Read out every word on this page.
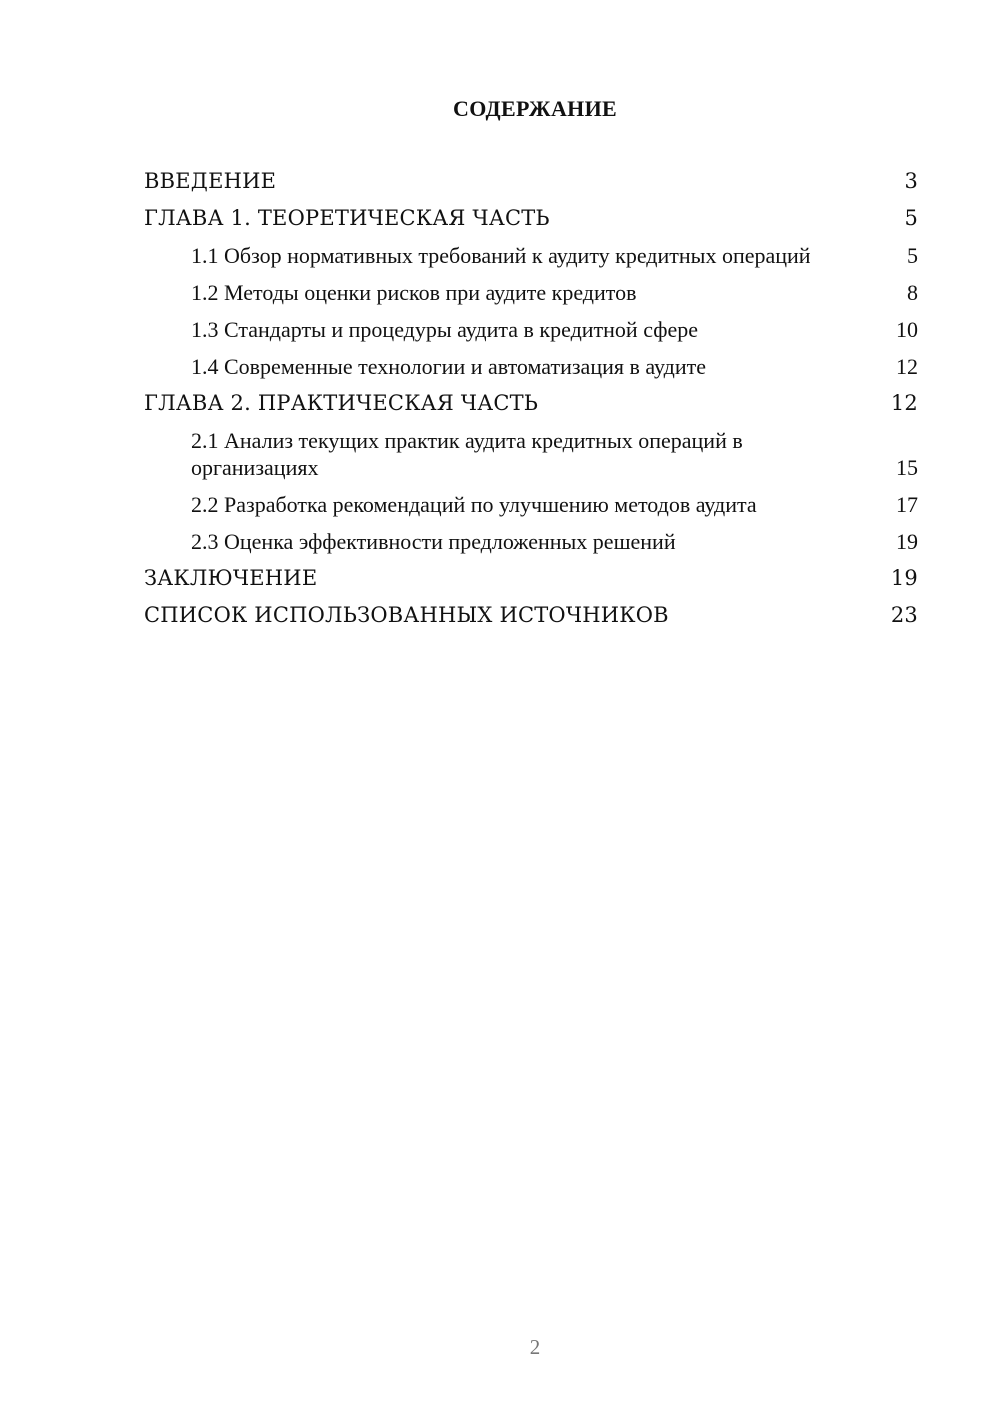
СОДЕРЖАНИЕ
ВВЕДЕНИЕ	3
ГЛАВА 1. ТЕОРЕТИЧЕСКАЯ ЧАСТЬ	5
1.1 Обзор нормативных требований к аудиту кредитных операций	5
1.2 Методы оценки рисков при аудите кредитов	8
1.3 Стандарты и процедуры аудита в кредитной сфере	10
1.4 Современные технологии и автоматизация в аудите	12
ГЛАВА 2. ПРАКТИЧЕСКАЯ ЧАСТЬ	12
2.1 Анализ текущих практик аудита кредитных операций в организациях	15
2.2 Разработка рекомендаций по улучшению методов аудита	17
2.3 Оценка эффективности предложенных решений	19
ЗАКЛЮЧЕНИЕ	19
СПИСОК ИСПОЛЬЗОВАННЫХ ИСТОЧНИКОВ	23
2
